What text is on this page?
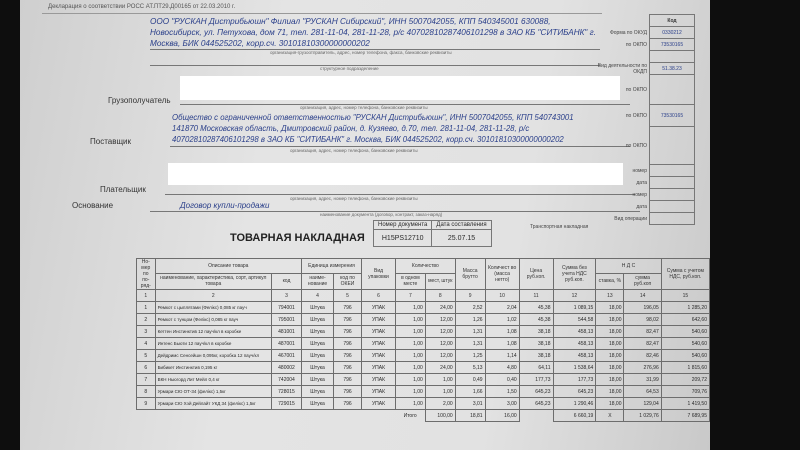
Декларация о соответствии РОСС АТ.ПТ29.Д00165 от 22.03.2010 г.
ООО "РУСКАН Дистрибьюшн" Филиал "РУСКАН Сибирский", ИНН 5007042055, КПП 540345001 630088,
Новосибирск, ул. Петухова, дом 71, тел. 281-11-04, 281-11-28, р/с 40702810287406101298 в ЗАО КБ "СИТИБАНК" г.
Москва, БИК 044525202, корр.сч. 30101810300000000202
организация-грузоотправитель, адрес, номер телефона, факса, банковские реквизиты
структурное подразделение
Грузополучатель
организация, адрес, номер телефона, банковские реквизиты
Общество с ограниченной ответственностью "РУСКАН Дистрибьюшн", ИНН 5007042055, КПП 540743001
141870 Московская область, Дмитровский район, д. Кузяево, д.70, тел. 281-11-04, 281-11-28, р/с
40702810287406101298 в ЗАО КБ "СИТИБАНК" г. Москва, БИК 044525202, корр.сч. 30101810300000000202
Поставщик
организация, адрес, номер телефона, банковские реквизиты
Плательщик
организация, адрес, номер телефона, банковские реквизиты
Основание	Договор купли-продажи
наименование документа (договор, контракт, заказ-наряд)
	Код
Форма по ОКУД	0330212
по ОКПО	73530165

Вид деятельности по ОКДП	51.38.23
по ОКПО	
по ОКПО	73530165
по ОКПО	
номер	
дата	
номер	
дата	
Вид операции	
Транспортная накладная
ТОВАРНАЯ НАКЛАДНАЯ
Номер документа	Дата составления
H15PS12710	25.07.15
Но- мер по по- ряд-	Описание товара		Единица измерения		Вид упаковки	Количество		Масса брутто	Количест во (масса нетто)	Цена руб.коп.	Сумма без учета НДС руб.коп.	Н Д С		Сумма с учетом НДС, руб.коп.
	наименование, характеристика, сорт, артикул товара	код	наиме- нование	код по ОКЕИ		в одном месте	мест, штук					ставка, %	сумма руб.коп	
1	2	3	4	5	6	7	8	9	10	11	12	13	14	15
1	Ремкот с цыплятами (Фелікс) 0,085 кг пауч	794001	Штука	796	УПАК	1,00	24,00	2,52	2,04	45,38	1 089,15	18,00	196,05	1 285,20
2	Ремкот с тунцом (Фелікс) 0,085 кг пауч	795001	Штука	796	УПАК	1,00	12,00	1,26	1,02	45,38	544,58	18,00	98,02	642,60
3	Кеттен Инстинктив 12 пауч/кл в коробке	481001	Штука	796	УПАК	1,00	12,00	1,31	1,08	38,18	458,13	18,00	82,47	540,60
4	Интенс Бьюти 12 пауч/кл в коробке	487001	Штука	796	УПАК	1,00	12,00	1,31	1,08	38,18	458,13	18,00	82,47	540,60
5	Дейдримс Сенсейшн 0,095кг, коробка 12 пауч/кл	467001	Штука	796	УПАК	1,00	12,00	1,25	1,14	38,18	458,13	18,00	82,46	540,60
6	Бибикет Инстинктив 0,195 кг	480002	Штука	796	УПАК	1,00	24,00	5,13	4,80	64,11	1 538,64	18,00	276,96	1 815,60
7	ВКН Ньюгорд Лит Мейл 0,4 кг	742004	Штука	796	УПАК	1,00	1,00	0,49	0,40	177,73	177,73	18,00	31,99	209,72
8	Урмари СЮ ОТ-34 (фелікс) 1,5кг	728015	Штука	796	УПАК	1,00	1,00	1,66	1,50	645,23	645,23	18,00	64,53	709,76
9	Урмари СЮ Хэй Дейлайт УКД 34 (фелікс) 1,5кг	729015	Штука	796	УПАК	1,00	2,00	3,01	3,00	645,23	1 290,46	18,00	129,04	1 419,50
						Итого	100,00	18,81	16,00		6 660,19	X	1 029,76	7 689,95
